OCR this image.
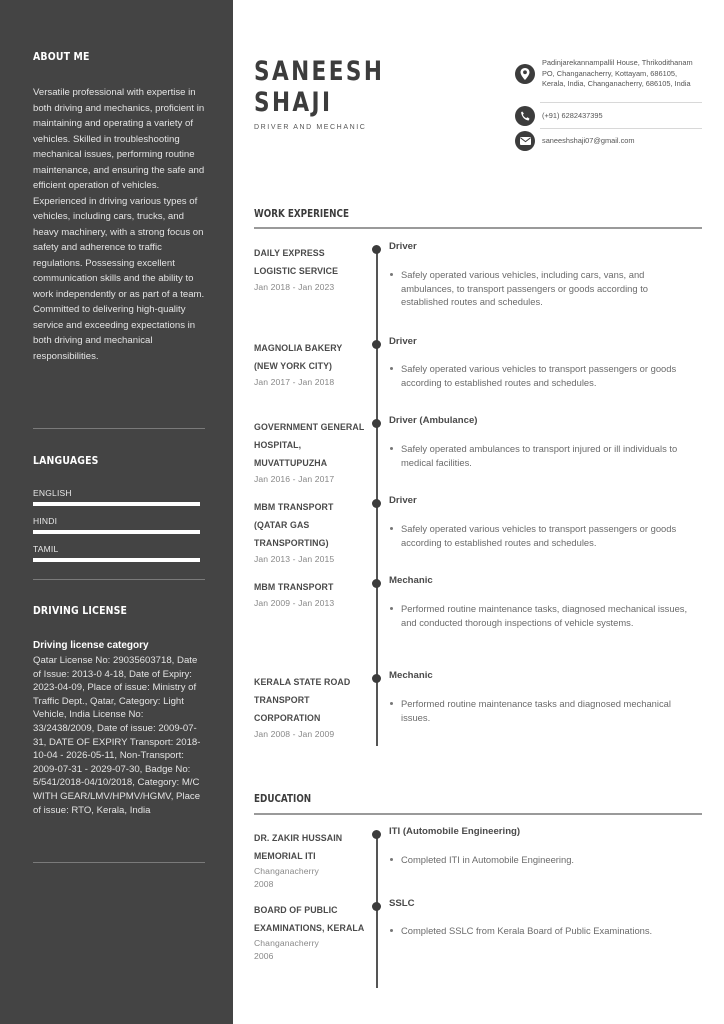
ABOUT ME
Versatile professional with expertise in both driving and mechanics, proficient in maintaining and operating a variety of vehicles. Skilled in troubleshooting mechanical issues, performing routine maintenance, and ensuring the safe and efficient operation of vehicles. Experienced in driving various types of vehicles, including cars, trucks, and heavy machinery, with a strong focus on safety and adherence to traffic regulations. Possessing excellent communication skills and the ability to work independently or as part of a team. Committed to delivering high-quality service and exceeding expectations in both driving and mechanical responsibilities.
LANGUAGES
ENGLISH
HINDI
TAMIL
DRIVING LICENSE
Driving license category
Qatar License No: 29035603718, Date of Issue: 2013-0 4-18, Date of Expiry: 2023-04-09, Place of issue: Ministry of Traffic Dept., Qatar, Category: Light Vehicle, India License No: 33/2438/2009, Date of issue: 2009-07-31, DATE OF EXPIRY Transport: 2018-10-04 - 2026-05-11, Non-Transport: 2009-07-31 - 2029-07-30, Badge No: 5/541/2018-04/10/2018, Category: M/C WITH GEAR/LMV/HPMV/HGMV, Place of issue: RTO, Kerala, India
SANEESH
SHAJI
DRIVER AND MECHANIC
Padinjarekannampallil House, Thrikodithanam PO, Changanacherry, Kottayam, 686105, Kerala, India, Changanacherry, 686105, India
(+91) 6282437395
saneeshshaji07@gmail.com
WORK EXPERIENCE
DAILY EXPRESS LOGISTIC SERVICE
Jan 2018 - Jan 2023
Driver
Safely operated various vehicles, including cars, vans, and ambulances, to transport passengers or goods according to established routes and schedules.
MAGNOLIA BAKERY (NEW YORK CITY)
Jan 2017 - Jan 2018
Driver
Safely operated various vehicles to transport passengers or goods according to established routes and schedules.
GOVERNMENT GENERAL HOSPITAL, MUVATTUPUZHA
Jan 2016 - Jan 2017
Driver (Ambulance)
Safely operated ambulances to transport injured or ill individuals to medical facilities.
MBM TRANSPORT (QATAR GAS TRANSPORTING)
Jan 2013 - Jan 2015
Driver
Safely operated various vehicles to transport passengers or goods according to established routes and schedules.
MBM TRANSPORT
Jan 2009 - Jan 2013
Mechanic
Performed routine maintenance tasks, diagnosed mechanical issues, and conducted thorough inspections of vehicle systems.
KERALA STATE ROAD TRANSPORT CORPORATION
Jan 2008 - Jan 2009
Mechanic
Performed routine maintenance tasks and diagnosed mechanical issues.
EDUCATION
DR. ZAKIR HUSSAIN MEMORIAL ITI
Changanacherry
2008
ITI (Automobile Engineering)
Completed ITI in Automobile Engineering.
BOARD OF PUBLIC EXAMINATIONS, KERALA
Changanacherry
2006
SSLC
Completed SSLC from Kerala Board of Public Examinations.
